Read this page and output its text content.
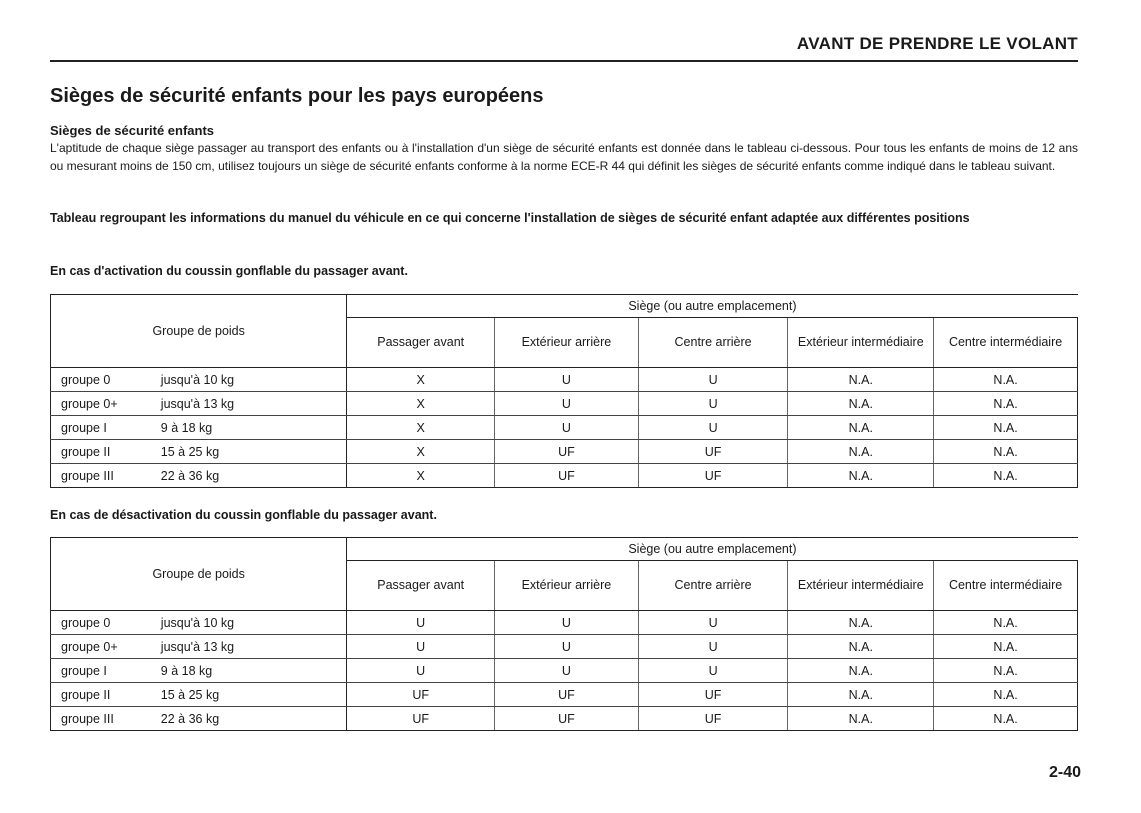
AVANT DE PRENDRE LE VOLANT
Sièges de sécurité enfants pour les pays européens
Sièges de sécurité enfants
L'aptitude de chaque siège passager au transport des enfants ou à l'installation d'un siège de sécurité enfants est donnée dans le tableau ci-dessous. Pour tous les enfants de moins de 12 ans ou mesurant moins de 150 cm, utilisez toujours un siège de sécurité enfants conforme à la norme ECE-R 44 qui définit les sièges de sécurité enfants comme indiqué dans le tableau suivant.
Tableau regroupant les informations du manuel du véhicule en ce qui concerne l'installation de sièges de sécurité enfant adaptée aux différentes positions
En cas d'activation du coussin gonflable du passager avant.
Groupe de poids		Siège (ou autre emplacement)				
		Passager avant	Extérieur arrière	Centre arrière	Extérieur intermédiaire	Centre intermédiaire
groupe 0	jusqu'à 10 kg	X	U	U	N.A.	N.A.
groupe 0+	jusqu'à 13 kg	X	U	U	N.A.	N.A.
groupe I	9 à 18 kg	X	U	U	N.A.	N.A.
groupe II	15 à 25 kg	X	UF	UF	N.A.	N.A.
groupe III	22 à 36 kg	X	UF	UF	N.A.	N.A.
En cas de désactivation du coussin gonflable du passager avant.
Groupe de poids		Siège (ou autre emplacement)				
		Passager avant	Extérieur arrière	Centre arrière	Extérieur intermédiaire	Centre intermédiaire
groupe 0	jusqu'à 10 kg	U	U	U	N.A.	N.A.
groupe 0+	jusqu'à 13 kg	U	U	U	N.A.	N.A.
groupe I	9 à 18 kg	U	U	U	N.A.	N.A.
groupe II	15 à 25 kg	UF	UF	UF	N.A.	N.A.
groupe III	22 à 36 kg	UF	UF	UF	N.A.	N.A.
2-40
